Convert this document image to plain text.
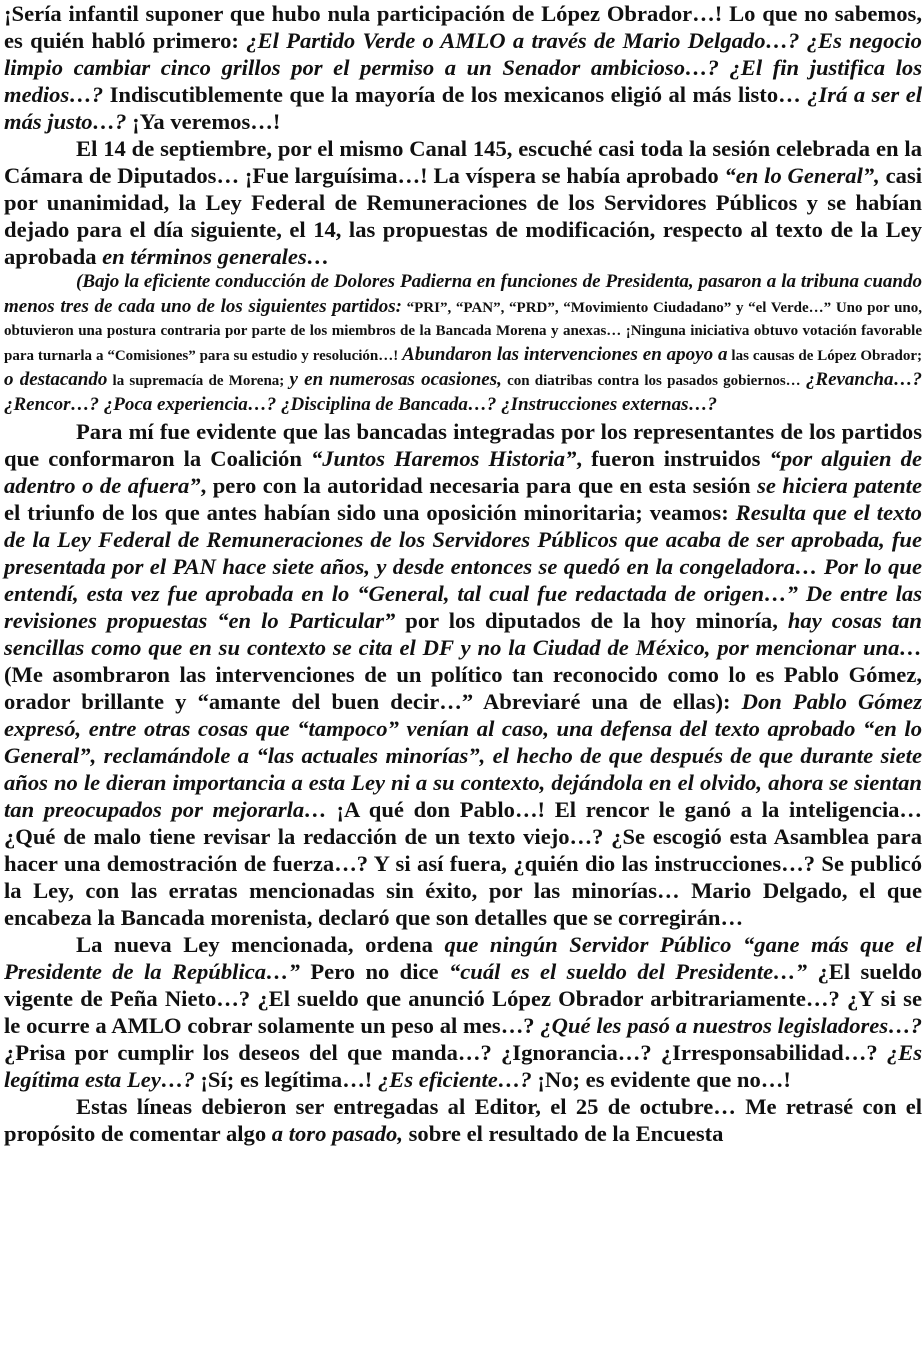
¡Sería infantil suponer que hubo nula participación de López Obrador…! Lo que no sabemos, es quién habló primero: ¿El Partido Verde o AMLO a través de Mario Delgado…? ¿Es negocio limpio cambiar cinco grillos por el permiso a un Senador ambicioso…? ¿El fin justifica los medios…? Indiscutiblemente que la mayoría de los mexicanos eligió al más listo… ¿Irá a ser el más justo…? ¡Ya veremos…!

El 14 de septiembre, por el mismo Canal 145, escuché casi toda la sesión celebrada en la Cámara de Diputados… ¡Fue larguísima…! La víspera se había aprobado “en lo General”, casi por unanimidad, la Ley Federal de Remuneraciones de los Servidores Públicos y se habían dejado para el día siguiente, el 14, las propuestas de modificación, respecto al texto de la Ley aprobada en términos generales…

(Bajo la eficiente conducción de Dolores Padierna en funciones de Presidenta, pasaron a la tribuna cuando menos tres de cada uno de los siguientes partidos: “PRI”, “PAN”, “PRD”, “Movimiento Ciudadano” y “el Verde…” Uno por uno, obtuvieron una postura contraria por parte de los miembros de la Bancada Morena y anexas… ¡Ninguna iniciativa obtuvo votación favorable para turnarla a “Comisiones” para su estudio y resolución…! Abundaron las intervenciones en apoyo a las causas de López Obrador; o destacando la supremacía de Morena; y en numerosas ocasiones, con diatribas contra los pasados gobiernos… ¿Revancha…? ¿Rencor…? ¿Poca experiencia…? ¿Disciplina de Bancada…? ¿Instrucciones externas…?

Para mí fue evidente que las bancadas integradas por los representantes de los partidos que conformaron la Coalición “Juntos Haremos Historia”, fueron instruidos “por alguien de adentro o de afuera”, pero con la autoridad necesaria para que en esta sesión se hiciera patente el triunfo de los que antes habían sido una oposición minoritaria; veamos: Resulta que el texto de la Ley Federal de Remuneraciones de los Servidores Públicos que acaba de ser aprobada, fue presentada por el PAN hace siete años, y desde entonces se quedó en la congeladora… Por lo que entendí, esta vez fue aprobada en lo “General, tal cual fue redactada de origen…” De entre las revisiones propuestas “en lo Particular” por los diputados de la hoy minoría, hay cosas tan sencillas como que en su contexto se cita el DF y no la Ciudad de México, por mencionar una… (Me asombraron las intervenciones de un político tan reconocido como lo es Pablo Gómez, orador brillante y “amante del buen decir…” Abreviaré una de ellas): Don Pablo Gómez expresó, entre otras cosas que “tampoco” venían al caso, una defensa del texto aprobado “en lo General”, reclamándole a “las actuales minorías”, el hecho de que después de que durante siete años no le dieran importancia a esta Ley ni a su contexto, dejándola en el olvido, ahora se sientan tan preocupados por mejorarla… ¡A qué don Pablo…! El rencor le ganó a la inteligencia… ¿Qué de malo tiene revisar la redacción de un texto viejo…? ¿Se escogió esta Asamblea para hacer una demostración de fuerza…? Y si así fuera, ¿quién dio las instrucciones…? Se publicó la Ley, con las erratas mencionadas sin éxito, por las minorías… Mario Delgado, el que encabeza la Bancada morenista, declaró que son detalles que se corregirán…

La nueva Ley mencionada, ordena que ningún Servidor Público “gane más que el Presidente de la República…” Pero no dice “cuál es el sueldo del Presidente…” ¿El sueldo vigente de Peña Nieto…? ¿El sueldo que anunció López Obrador arbitrariamente…? ¿Y si se le ocurre a AMLO cobrar solamente un peso al mes…? ¿Qué les pasó a nuestros legisladores…? ¿Prisa por cumplir los deseos del que manda…? ¿Ignorancia…? ¿Irresponsabilidad…? ¿Es legítima esta Ley…? ¡Sí; es legítima…! ¿Es eficiente…? ¡No; es evidente que no…!

Estas líneas debieron ser entregadas al Editor, el 25 de octubre… Me retrasé con el propósito de comentar algo a toro pasado, sobre el resultado de la Encuesta
